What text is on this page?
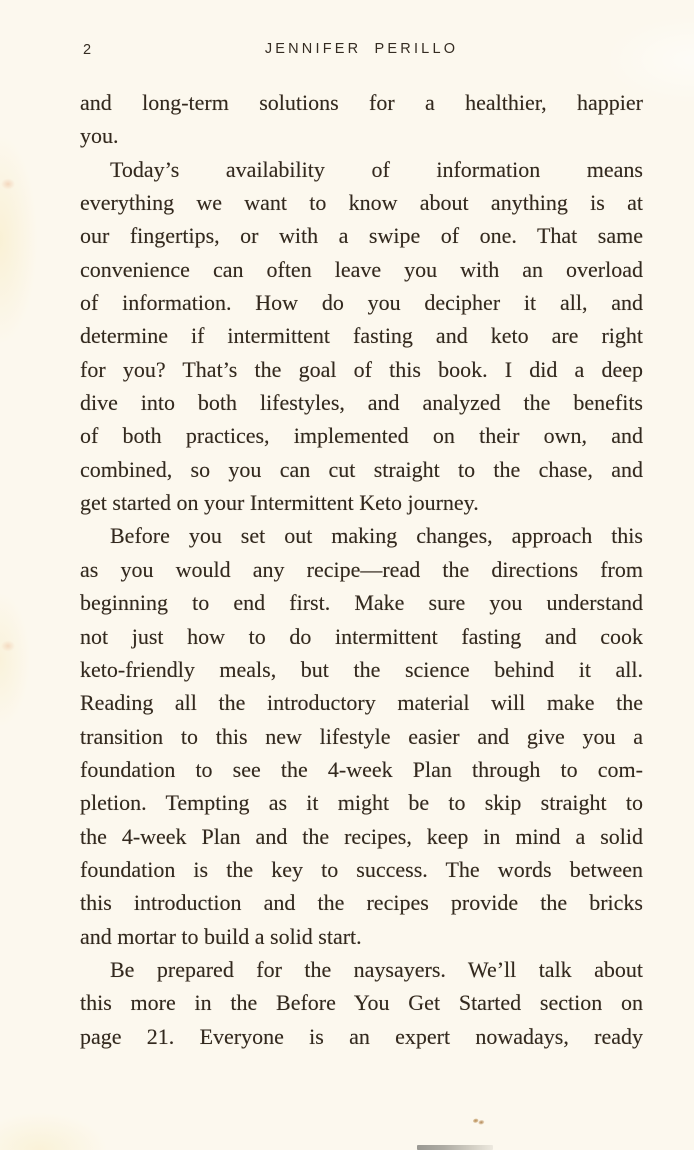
2	JENNIFER PERILLO
and long-term solutions for a healthier, happier
you.
Today’s availability of information means
everything we want to know about anything is at
our fingertips, or with a swipe of one. That same
convenience can often leave you with an overload
of information. How do you decipher it all, and
determine if intermittent fasting and keto are right
for you? That’s the goal of this book. I did a deep
dive into both lifestyles, and analyzed the benefits
of both practices, implemented on their own, and
combined, so you can cut straight to the chase, and
get started on your Intermittent Keto journey.
Before you set out making changes, approach this
as you would any recipe—read the directions from
beginning to end first. Make sure you understand
not just how to do intermittent fasting and cook
keto-friendly meals, but the science behind it all.
Reading all the introductory material will make the
transition to this new lifestyle easier and give you a
foundation to see the 4-week Plan through to com-
pletion. Tempting as it might be to skip straight to
the 4-week Plan and the recipes, keep in mind a solid
foundation is the key to success. The words between
this introduction and the recipes provide the bricks
and mortar to build a solid start.
Be prepared for the naysayers. We’ll talk about
this more in the Before You Get Started section on
page 21. Everyone is an expert nowadays, ready
